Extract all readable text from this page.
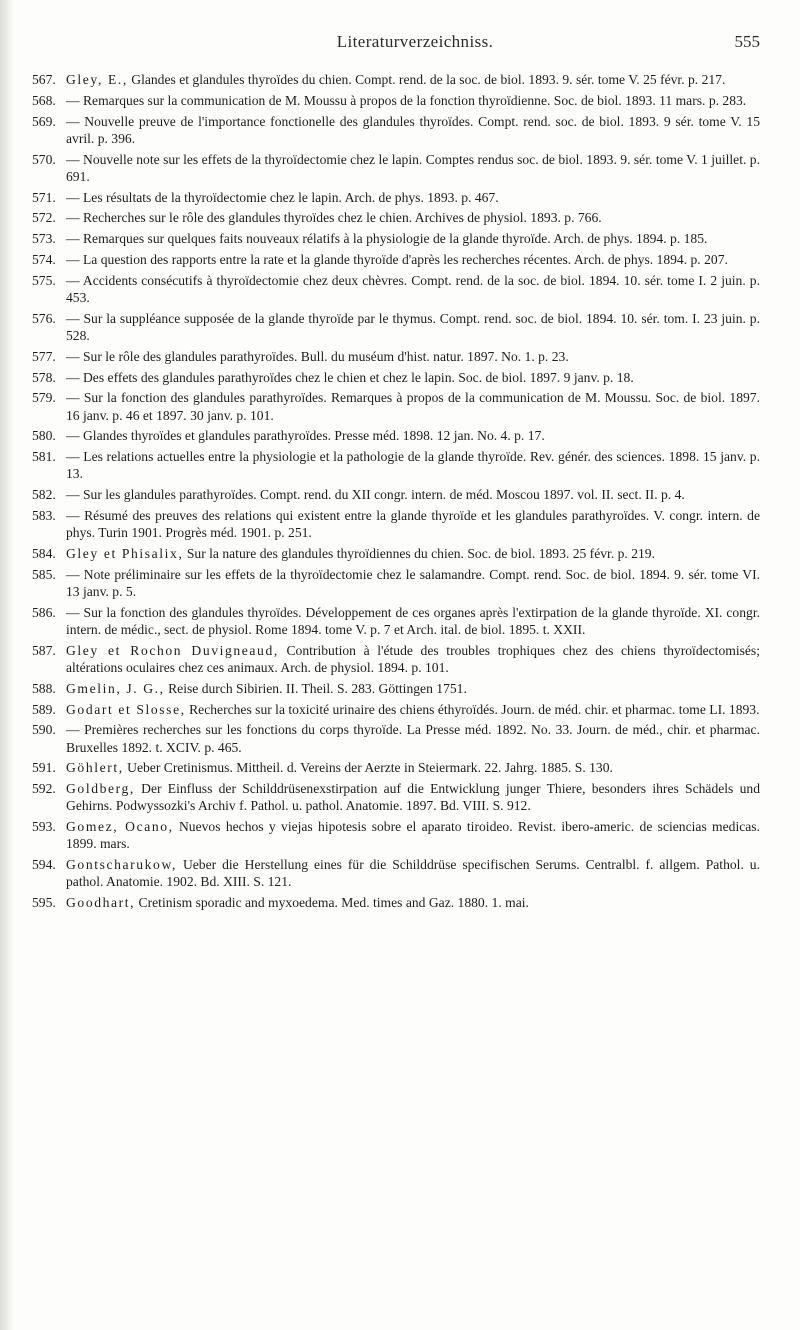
Literaturverzeichniss.	555
567. Gley, E., Glandes et glandules thyroïdes du chien. Compt. rend. de la soc. de biol. 1893. 9. sér. tome V. 25 févr. p. 217.
568. — Remarques sur la communication de M. Moussu à propos de la fonction thyroïdienne. Soc. de biol. 1893. 11 mars. p. 283.
569. — Nouvelle preuve de l'importance fonctionelle des glandules thyroïdes. Compt. rend. soc. de biol. 1893. 9 sér. tome V. 15 avril. p. 396.
570. — Nouvelle note sur les effets de la thyroïdectomie chez le lapin. Comptes rendus soc. de biol. 1893. 9. sér. tome V. 1 juillet. p. 691.
571. — Les résultats de la thyroïdectomie chez le lapin. Arch. de phys. 1893. p. 467.
572. — Recherches sur le rôle des glandules thyroïdes chez le chien. Archives de physiol. 1893. p. 766.
573. — Remarques sur quelques faits nouveaux rélatifs à la physiologie de la glande thyroïde. Arch. de phys. 1894. p. 185.
574. — La question des rapports entre la rate et la glande thyroïde d'après les recherches récentes. Arch. de phys. 1894. p. 207.
575. — Accidents consécutifs à thyroïdectomie chez deux chèvres. Compt. rend. de la soc. de biol. 1894. 10. sér. tome I. 2 juin. p. 453.
576. — Sur la suppléance supposée de la glande thyroïde par le thymus. Compt. rend. soc. de biol. 1894. 10. sér. tom. I. 23 juin. p. 528.
577. — Sur le rôle des glandules parathyroïdes. Bull. du muséum d'hist. natur. 1897. No. 1. p. 23.
578. — Des effets des glandules parathyroïdes chez le chien et chez le lapin. Soc. de biol. 1897. 9 janv. p. 18.
579. — Sur la fonction des glandules parathyroïdes. Remarques à propos de la communication de M. Moussu. Soc. de biol. 1897. 16 janv. p. 46 et 1897. 30 janv. p. 101.
580. — Glandes thyroïdes et glandules parathyroïdes. Presse méd. 1898. 12 jan. No. 4. p. 17.
581. — Les relations actuelles entre la physiologie et la pathologie de la glande thyroïde. Rev. génér. des sciences. 1898. 15 janv. p. 13.
582. — Sur les glandules parathyroïdes. Compt. rend. du XII congr. intern. de méd. Moscou 1897. vol. II. sect. II. p. 4.
583. — Résumé des preuves des relations qui existent entre la glande thyroïde et les glandules parathyroïdes. V. congr. intern. de phys. Turin 1901. Progrès méd. 1901. p. 251.
584. Gley et Phisalix, Sur la nature des glandules thyroïdiennes du chien. Soc. de biol. 1893. 25 févr. p. 219.
585. — Note préliminaire sur les effets de la thyroïdectomie chez le salamandre. Compt. rend. Soc. de biol. 1894. 9. sér. tome VI. 13 janv. p. 5.
586. — Sur la fonction des glandules thyroïdes. Développement de ces organes après l'extirpation de la glande thyroïde. XI. congr. intern. de médic., sect. de physiol. Rome 1894. tome V. p. 7 et Arch. ital. de biol. 1895. t. XXII.
587. Gley et Rochon Duvigneaud, Contribution à l'étude des troubles trophiques chez des chiens thyroïdectomisés; altérations oculaires chez ces animaux. Arch. de physiol. 1894. p. 101.
588. Gmelin, J. G., Reise durch Sibirien. II. Theil. S. 283. Göttingen 1751.
589. Godart et Slosse, Recherches sur la toxicité urinaire des chiens éthyroïdés. Journ. de méd. chir. et pharmac. tome LI. 1893.
590. — Premières recherches sur les fonctions du corps thyroïde. La Presse méd. 1892. No. 33. Journ. de méd., chir. et pharmac. Bruxelles 1892. t. XCIV. p. 465.
591. Göhlert, Ueber Cretinismus. Mittheil. d. Vereins der Aerzte in Steiermark. 22. Jahrg. 1885. S. 130.
592. Goldberg, Der Einfluss der Schilddrüsenexstirpation auf die Entwicklung junger Thiere, besonders ihres Schädels und Gehirns. Podwyssozki's Archiv f. Pathol. u. pathol. Anatomie. 1897. Bd. VIII. S. 912.
593. Gomez, Ocano, Nuevos hechos y viejas hipotesis sobre el aparato tiroideo. Revist. ibero-americ. de sciencias medicas. 1899. mars.
594. Gontscharukow, Ueber die Herstellung eines für die Schilddrüse specifischen Serums. Centralbl. f. allgem. Pathol. u. pathol. Anatomie. 1902. Bd. XIII. S. 121.
595. Goodhart, Cretinism sporadic and myxoedema. Med. times and Gaz. 1880. 1. mai.
